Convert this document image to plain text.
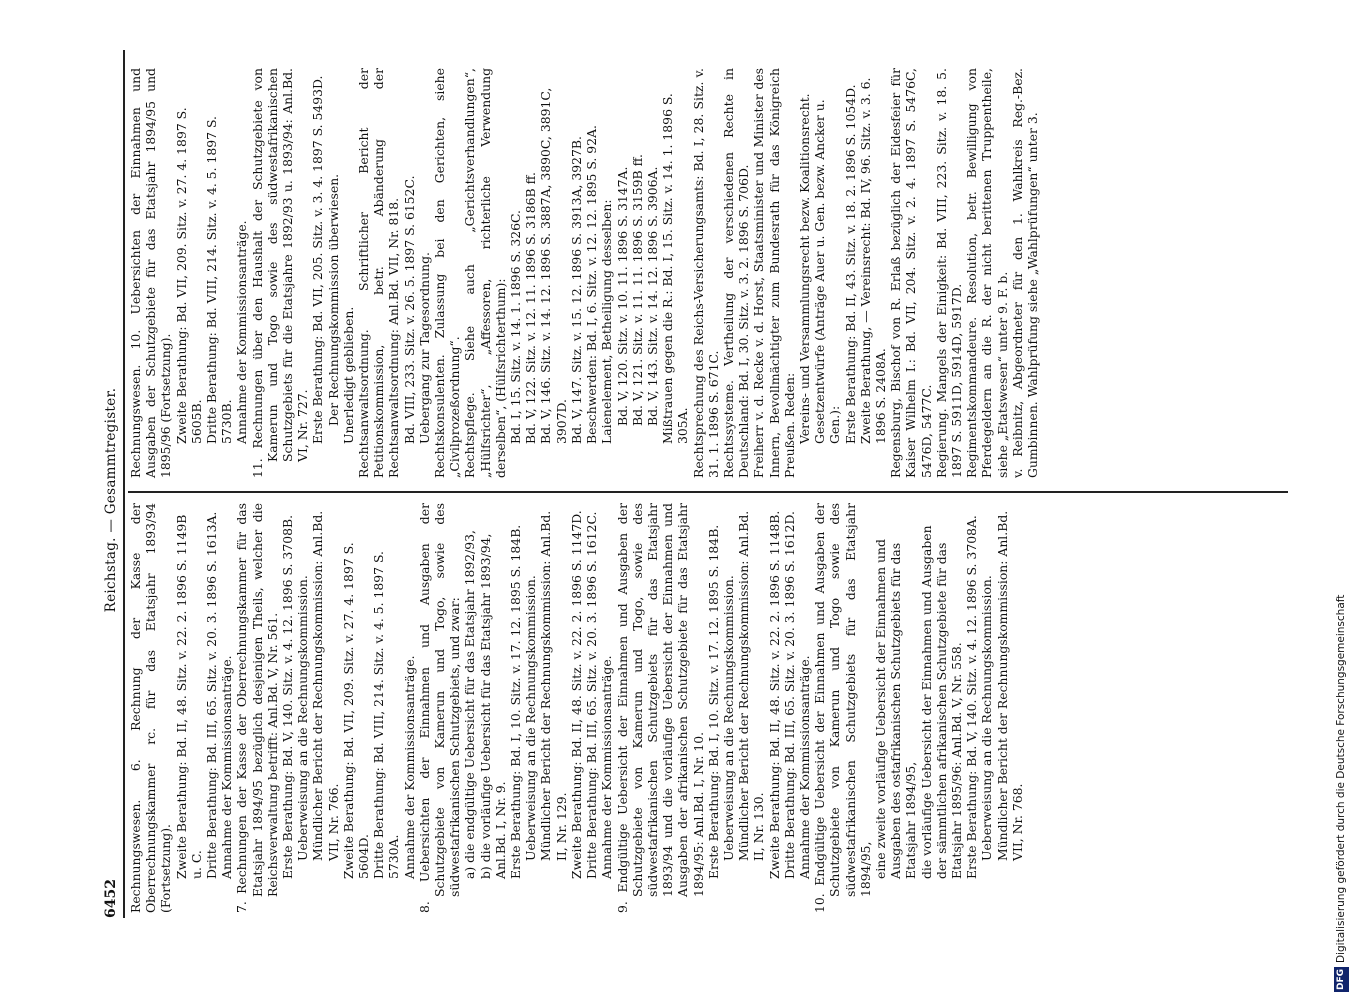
6452
Reichstag. — Gesammtregister.

Rechnungswesen. 6. Rechnung der Kasse der Oberrechnungskammer rc. für das Etatsjahr 1893/94 (Fortsetzung). Zweite Berathung: Bd. II, 48. Sitz. v. 22. 2. 1896 S. 1149B u. C. Dritte Berathung: Bd. III, 65. Sitz. v. 20. 3. 1896 S. 1613A. Annahme der Kommissionsanträge. 7. Rechnungen der Kasse der Oberrechnungskammer für das Etatsjahr 1894/95 bezüglich desjenigen Theils, welcher die Reichsverwaltung betrifft: Anl.Bd. V, Nr. 561. Erste Berathung: Bd. V, 140. Sitz. v. 4. 12. 1896 S. 3708B. Ueberweisung an die Rechnungskommission. Mündlicher Bericht der Rechnungskommission: Anl.Bd. VII, Nr. 766. Zweite Berathung: Bd. VII, 209. Sitz. v. 27. 4. 1897 S. 5604D. Dritte Berathung: Bd. VIII, 214. Sitz. v. 4. 5. 1897 S. 5730A. Annahme der Kommissionsanträge. 8. Uebersichten der Einnahmen und Ausgaben der Schutzgebiete von Kamerun und Togo, sowie des südwestafrikanischen Schutzgebiets, und zwar: a) die endgültige Uebersicht für das Etatsjahr 1892/93, b) die vorläufige Uebersicht für das Etatsjahr 1893/94, Anl.Bd. I, Nr. 9. Erste Berathung: Bd. I, 10. Sitz. v. 17. 12. 1895 S. 184B. Ueberweisung an die Rechnungskommission. Mündlicher Bericht der Rechnungskommission: Anl.Bd. II, Nr. 129. Zweite Berathung: Bd. II, 48. Sitz. v. 22. 2. 1896 S. 1147D. Dritte Berathung: Bd. III, 65. Sitz. v. 20. 3. 1896 S. 1612C. Annahme der Kommissionsanträge. 9. Endgültige Uebersicht der Einnahmen und Ausgaben der Schutzgebiete von Kamerun und Togo, sowie des südwestafrikanischen Schutzgebiets für das Etatsjahr 1893/94 und die vorläufige Uebersicht der Einnahmen und Ausgaben der afrikanischen Schutzgebiete für das Etatsjahr 1894/95: Anl.Bd. I, Nr. 10. Erste Berathung: Bd. I, 10. Sitz. v. 17. 12. 1895 S. 184B. Ueberweisung an die Rechnungskommission. Mündlicher Bericht der Rechnungskommission: Anl.Bd. II, Nr. 130. Zweite Berathung: Bd. II, 48. Sitz. v. 22. 2. 1896 S. 1148B. Dritte Berathung: Bd. III, 65. Sitz. v. 20. 3. 1896 S. 1612D. Annahme der Kommissionsanträge. 10. Endgültige Uebersicht der Einnahmen und Ausgaben der Schutzgebiete von Kamerun und Togo sowie des südwestafrikanischen Schutzgebiets für das Etatsjahr 1894/95, eine zweite vorläufige Uebersicht der Einnahmen und Ausgaben des ostafrikanischen Schutzgebiets für das Etatsjahr 1894/95, die vorläufige Uebersicht der Einnahmen und Ausgaben der sämmtlichen afrikanischen Schutzgebiete für das Etatsjahr 1895/96: Anl.Bd. V, Nr. 558. Erste Berathung: Bd. V, 140. Sitz. v. 4. 12. 1896 S. 3708A. Ueberweisung an die Rechnungskommission. Mündlicher Bericht der Rechnungskommission: Anl.Bd. VII, Nr. 768.

Rechnungswesen. 10. Uebersichten der Einnahmen und Ausgaben der Schutzgebiete für das Etatsjahr 1894/95 und 1895/96 (Fortsetzung). Zweite Berathung: Bd. VII, 209. Sitz. v. 27. 4. 1897 S. 5605B. Dritte Berathung: Bd. VIII, 214. Sitz. v. 4. 5. 1897 S. 5730B. Annahme der Kommissionsanträge. 11. Rechnungen über den Haushalt der Schutzgebiete von Kamerun und Togo sowie des südwestafrikanischen Schutzgebiets für die Etatsjahre 1892/93 u. 1893/94: Anl.Bd. VI, Nr. 727. Erste Berathung: Bd. VII, 205. Sitz. v. 3. 4. 1897 S. 5493D. Der Rechnungskommission überwiesen. Unerledigt geblieben. Rechtsanwaltsordnung. Schriftlicher Bericht der Petitionskommission, betr. Abänderung der Rechtsanwaltsordnung: Anl.Bd. VII, Nr. 818. Bd. VIII, 233. Sitz. v. 26. 5. 1897 S. 6152C. Uebergang zur Tagesordnung. Rechtskonsulenten. Zulassung bei den Gerichten, siehe „Civilprozeßordnung“. Rechtspflege. Siehe auch „Gerichtsverhandlungen“, „Hülfsrichter“, „Affessoren, richterliche Verwendung derselben“, (Hülfsrichterthum): Bd. I, 15. Sitz. v. 14. 1. 1896 S. 326C. Bd. V, 122. Sitz. v. 12. 11. 1896 S. 3186B ff. Bd. V, 146. Sitz. v. 14. 12. 1896 S. 3887A, 3890C, 3891C, 3907D. Bd. V, 147. Sitz. v. 15. 12. 1896 S. 3913A, 3927B. Beschwerden: Bd. I, 6. Sitz. v. 12. 12. 1895 S. 92A. Laienelement, Betheiligung desselben: Bd. V, 120. Sitz. v. 10. 11. 1896 S. 3147A. Bd. V, 121. Sitz. v. 11. 11. 1896 S. 3159B ff. Bd. V, 143. Sitz. v. 14. 12. 1896 S. 3906A. Mißtrauen gegen die R.: Bd. I, 15. Sitz. v. 14. 1. 1896 S. 305A. Rechtsprechung des Reichs-Versicherungsamts: Bd. I, 28. Sitz. v. 31. 1. 1896 S. 671C. Rechtssysteme. Vertheilung der verschiedenen Rechte in Deutschland: Bd. I, 30. Sitz. v. 3. 2. 1896 S. 706D. Freiherr v. d. Recke v. d. Horst, Staatsminister und Minister des Innern, Bevollmächtigter zum Bundesrath für das Königreich Preußen. Reden: Vereins- und Versammlungsrecht bezw. Koalitionsrecht. Gesetzentwürfe (Anträge Auer u. Gen. bezw. Ancker u. Gen.): Erste Berathung: Bd. II, 43. Sitz. v. 18. 2. 1896 S. 1054D. Zweite Berathung, — Vereinsrecht: Bd. IV, 96. Sitz. v. 3. 6. 1896 S. 2408A. Regensburg, Bischof von R. Erlaß bezüglich der Eidesfeier für Kaiser Wilhelm I.: Bd. VII, 204. Sitz. v. 2. 4. 1897 S. 5476C, 5476D, 5477C. Regierung. Mangels der Einigkeit: Bd. VIII, 223. Sitz. v. 18. 5. 1897 S. 5911D, 5914D, 5917D. Regimentskommandeure. Resolution, betr. Bewilligung von Pferdegeldern an die R. der nicht berittenen Truppentheile, siehe „Etatswesen“ unter 9. F. b. v. Reibnitz, Abgeordneter für den 1. Wahlkreis Reg.-Bez. Gumbinnen. Wahlprüfung siehe „Wahlprüfungen“ unter 3.

DFGDigitalisierung gefördert durch die Deutsche Forschungsgemeinschaft
